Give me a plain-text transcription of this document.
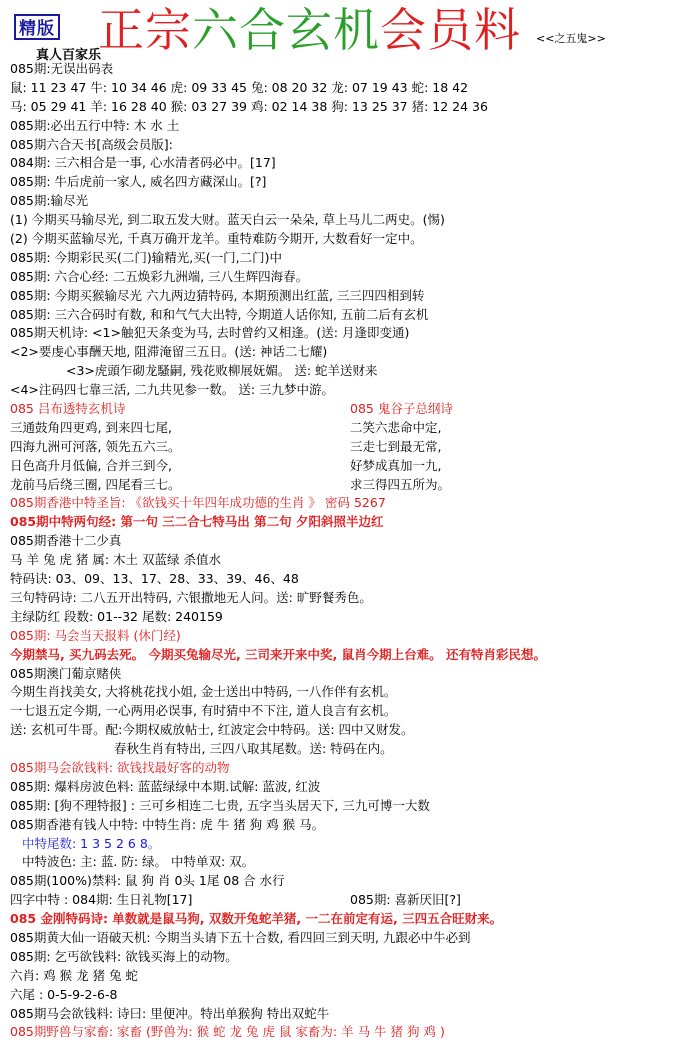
精版 正宗六合玄机会员料 <<之五鬼>>
真人百家乐
085期:无误出码表
鼠: 11 23 47 牛: 10 34 46 虎: 09 33 45 兔: 08 20 32 龙: 07 19 43 蛇: 18 42
马: 05 29 41 羊: 16 28 40 猴: 03 27 39 鸡: 02 14 38 狗: 13 25 37 猪: 12 24 36
085期:必出五行中特: 木 水 土
085期六合天书[高级会员版]:
084期: 三六相合是一事, 心水清者码必中。[17]
085期: 牛后虎前一家人, 威名四方藏深山。[?]
085期:输尽光
(1) 今期买马输尽光, 到二取五发大财。蓝天白云一朵朵, 草上马儿二两史。(惕)
(2) 今期买蓝输尽光, 千真万确开龙羊。重特难防今期开, 大数看好一定中。
085期: 今期彩民买(二门)输精光,买(一门,二门)中
085期: 六合心经: 二五焕彩九洲端, 三八生辉四海春。
085期: 今期买猴输尽光 六九两边猜特码, 本期预测出红蓝, 三三四四相到转
085期: 三六合码时有数, 和和气气大出特, 今期道人话你知, 五前二后有玄机
085期天机诗: <1>触犯天条变为马, 去时曾约又相逢。(送: 月逢即变通)
<2>要虔心事酬天地, 阻滞淹留三五日。(送: 神话二七耀)
<3>虎頭乍砌龙騷嗣, 残花败柳展妩媚。 送: 蛇羊送财来
<4>注码四七靠三活, 二九共见参一数。 送: 三九梦中游。
085 吕布透特玄机诗	085 鬼谷子总纲诗
三通鼓角四更鸡, 到来四七尾,	二笑六悲命中定,
四海九洲可河落, 领先五六三。	三走七到最无常,
日色高升月低偏, 合并三到今,	好梦成真加一九,
龙前马后绕三圈, 四尾看三七。	求三得四五所为。
085期香港中特圣旨: 《欲钱买十年四年成功德的生肖 》 密码 5267
085期中特两句经: 第一句 三二合七特马出 第二句 夕阳斜照半边红
085期香港十二少真
马 羊 兔 虎 猪 属: 木土 双蓝绿 杀值水
特码诀: 03、09、13、17、28、33、39、46、48
三句特码诗: 二八五开出特码, 六银撒地无人问。送: 旷野餐秀色。
主绿防红 段数: 01--32 尾数: 240159
085期: 马会当天报料 (休门经)
今期禁马, 买九码去死。 今期买兔输尽光, 三司来开来中奖, 鼠肖今期上台难。 还有特肖彩民想。
085期澳门葡京赌侠
今期生肖找美女, 大将桃花找小姐, 金士送出中特码, 一八作伴有玄机。
一七退五定今期, 一心两用必误事, 有时猜中不下注, 道人良言有玄机。
送: 玄机可牛哥。配:今期权威放帖士, 红波定会中特码。送: 四中又财发。
春秋生肖有特出, 三四八取其尾数。送: 特码在内。
085期马会欲钱料: 欲钱找最好客的动物
085期: 爆料房波色料: 蓝蓝绿绿中本期.试解: 蓝波, 红波
085期: [狗不理特报] : 三可乡相连二七贵, 五字当头居天下, 三九可博一大数
085期香港有钱人中特: 中特生肖: 虎 牛 猪 狗 鸡 猴 马。
中特尾数: 1 3 5 2 6 8。
中特波色: 主: 蓝. 防: 绿。 中特单双: 双。
085期(100%)禁料: 鼠 狗 肖 0头 1尾 08 合 水行
四字中特 : 084期: 生日礼物[17]	085期: 喜新厌旧[?]
085 金刚特码诗: 单数就是鼠马狗, 双数开兔蛇羊猪, 一二在前定有运, 三四五合旺财来。
085期黄大仙一语破天机: 今期当头请下五十合数, 看四回三到天明, 九跟必中牛必到
085期: 乞丐欲钱料: 欲钱买海上的动物。
六肖: 鸡 猴 龙 猪 兔 蛇
六尾 : 0-5-9-2-6-8
085期马会欲钱料: 诗曰: 里便冲。特出单猴狗 特出双蛇牛
085期野兽与家畜: 家畜 (野兽为: 猴 蛇 龙 兔 虎 鼠 家畜为: 羊 马 牛 猪 狗 鸡 )
